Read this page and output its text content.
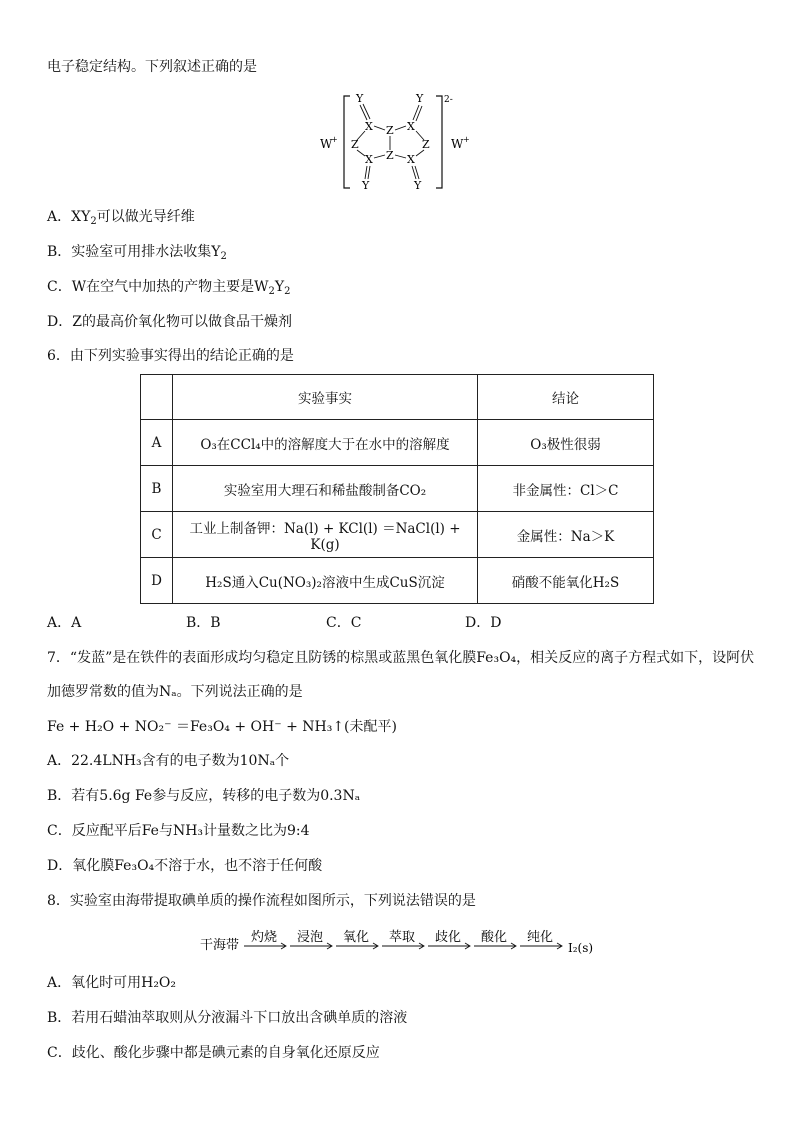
电子稳定结构。下列叙述正确的是
W
+
2-
W +
Y	Y
X Z X
Z	Z
Z
X	X
Y	Y
A．$XY_2$可以做光导纤维
B．实验室可用排水法收集$Y_2$
C．W在空气中加热的产物主要是$W_2Y_2$
D．Z的最高价氧化物可以做食品干燥剂
6．由下列实验事实得出的结论正确的是
	实验事实	结论
A	O₃在CCl₄中的溶解度大于在水中的溶解度	O₃极性很弱
B	实验室用大理石和稀盐酸制备CO₂	非金属性：Cl＞C
C	工业上制备钾：Na(l) + KCl(l) ＝NaCl(l) + K(g)	金属性：Na＞K
D	H₂S通入Cu(NO₃)₂溶液中生成CuS沉淀	硝酸不能氧化H₂S
A．A	B．B	C．C	D．D
7．“发蓝”是在铁件的表面形成均匀稳定且防锈的棕黑或蓝黑色氧化膜Fe₃O₄，相关反应的离子方程式如下，设阿伏
加德罗常数的值为Nₐ。下列说法正确的是
Fe + H₂O + NO₂⁻ ＝Fe₃O₄ + OH⁻ + NH₃↑(未配平)
A．22.4LNH₃含有的电子数为10Nₐ个
B．若有5.6g Fe参与反应，转移的电子数为0.3Nₐ
C．反应配平后Fe与NH₃计量数之比为9:4
D．氧化膜Fe₃O₄不溶于水，也不溶于任何酸
8．实验室由海带提取碘单质的操作流程如图所示，下列说法错误的是
干海带
灼烧 浸泡 氧化 萃取 歧化 酸化 纯化
I₂(s)
A．氧化时可用H₂O₂
B．若用石蜡油萃取则从分液漏斗下口放出含碘单质的溶液
C．歧化、酸化步骤中都是碘元素的自身氧化还原反应
